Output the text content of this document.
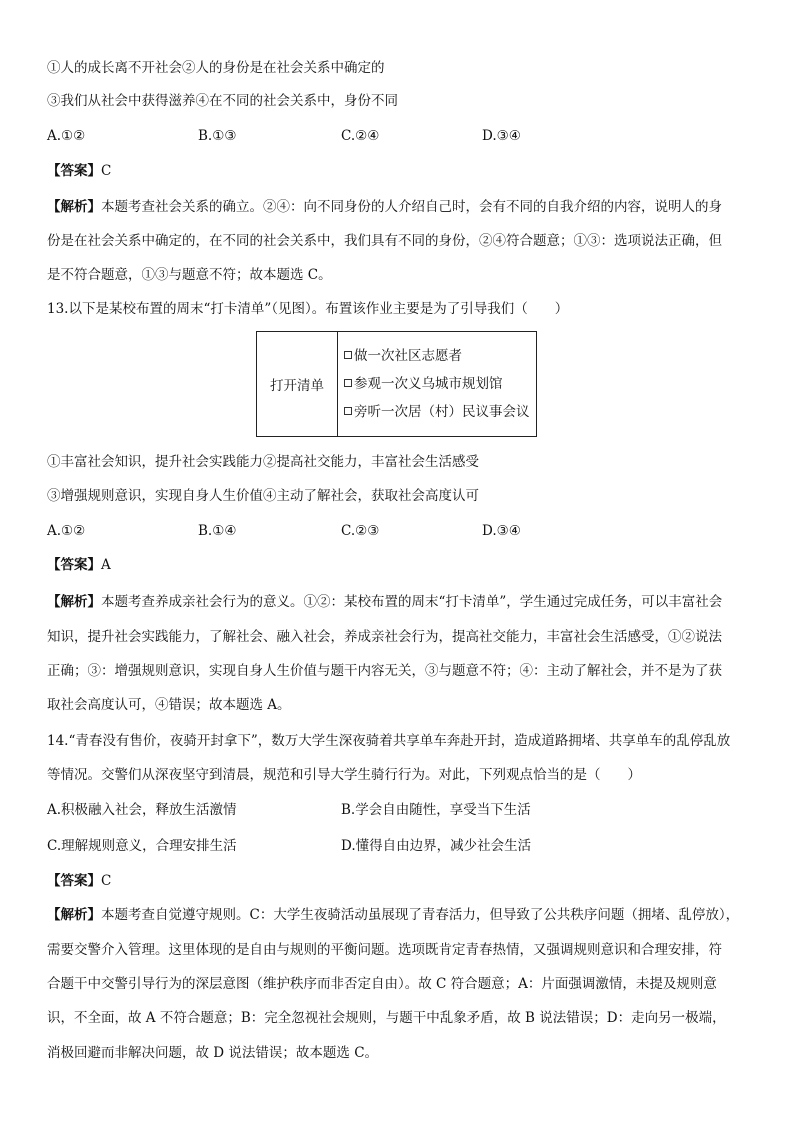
①人的成长离不开社会②人的身份是在社会关系中确定的
③我们从社会中获得滋养④在不同的社会关系中，身份不同
A.①②	B.①③	C.②④	D.③④
【答案】C
【解析】本题考查社会关系的确立。②④：向不同身份的人介绍自己时，会有不同的自我介绍的内容，说明人的身
份是在社会关系中确定的，在不同的社会关系中，我们具有不同的身份，②④符合题意；①③：选项说法正确，但
是不符合题意，①③与题意不符；故本题选 C。
13.以下是某校布置的周末“打卡清单”（见图）。布置该作业主要是为了引导我们（　　）
打开清单	
做一次社区志愿者
参观一次义乌城市规划馆
旁听一次居（村）民议事会议
①丰富社会知识，提升社会实践能力②提高社交能力，丰富社会生活感受
③增强规则意识，实现自身人生价值④主动了解社会，获取社会高度认可
A.①②	B.①④	C.②③	D.③④
【答案】A
【解析】本题考查养成亲社会行为的意义。①②：某校布置的周末“打卡清单”，学生通过完成任务，可以丰富社会
知识，提升社会实践能力，了解社会、融入社会，养成亲社会行为，提高社交能力，丰富社会生活感受，①②说法
正确；③：增强规则意识，实现自身人生价值与题干内容无关，③与题意不符；④：主动了解社会，并不是为了获
取社会高度认可，④错误；故本题选 A。
14.“青春没有售价，夜骑开封拿下”，数万大学生深夜骑着共享单车奔赴开封，造成道路拥堵、共享单车的乱停乱放
等情况。交警们从深夜坚守到清晨，规范和引导大学生骑行行为。对此，下列观点恰当的是（　　）
A.积极融入社会，释放生活激情	B.学会自由随性，享受当下生活
C.理解规则意义，合理安排生活	D.懂得自由边界，减少社会生活
【答案】C
【解析】本题考查自觉遵守规则。C：大学生夜骑活动虽展现了青春活力，但导致了公共秩序问题（拥堵、乱停放），
需要交警介入管理。这里体现的是自由与规则的平衡问题。选项既肯定青春热情，又强调规则意识和合理安排，符
合题干中交警引导行为的深层意图（维护秩序而非否定自由）。故 C 符合题意；A：片面强调激情，未提及规则意
识，不全面，故 A 不符合题意；B：完全忽视社会规则，与题干中乱象矛盾，故 B 说法错误；D：走向另一极端，
消极回避而非解决问题，故 D 说法错误；故本题选 C。
